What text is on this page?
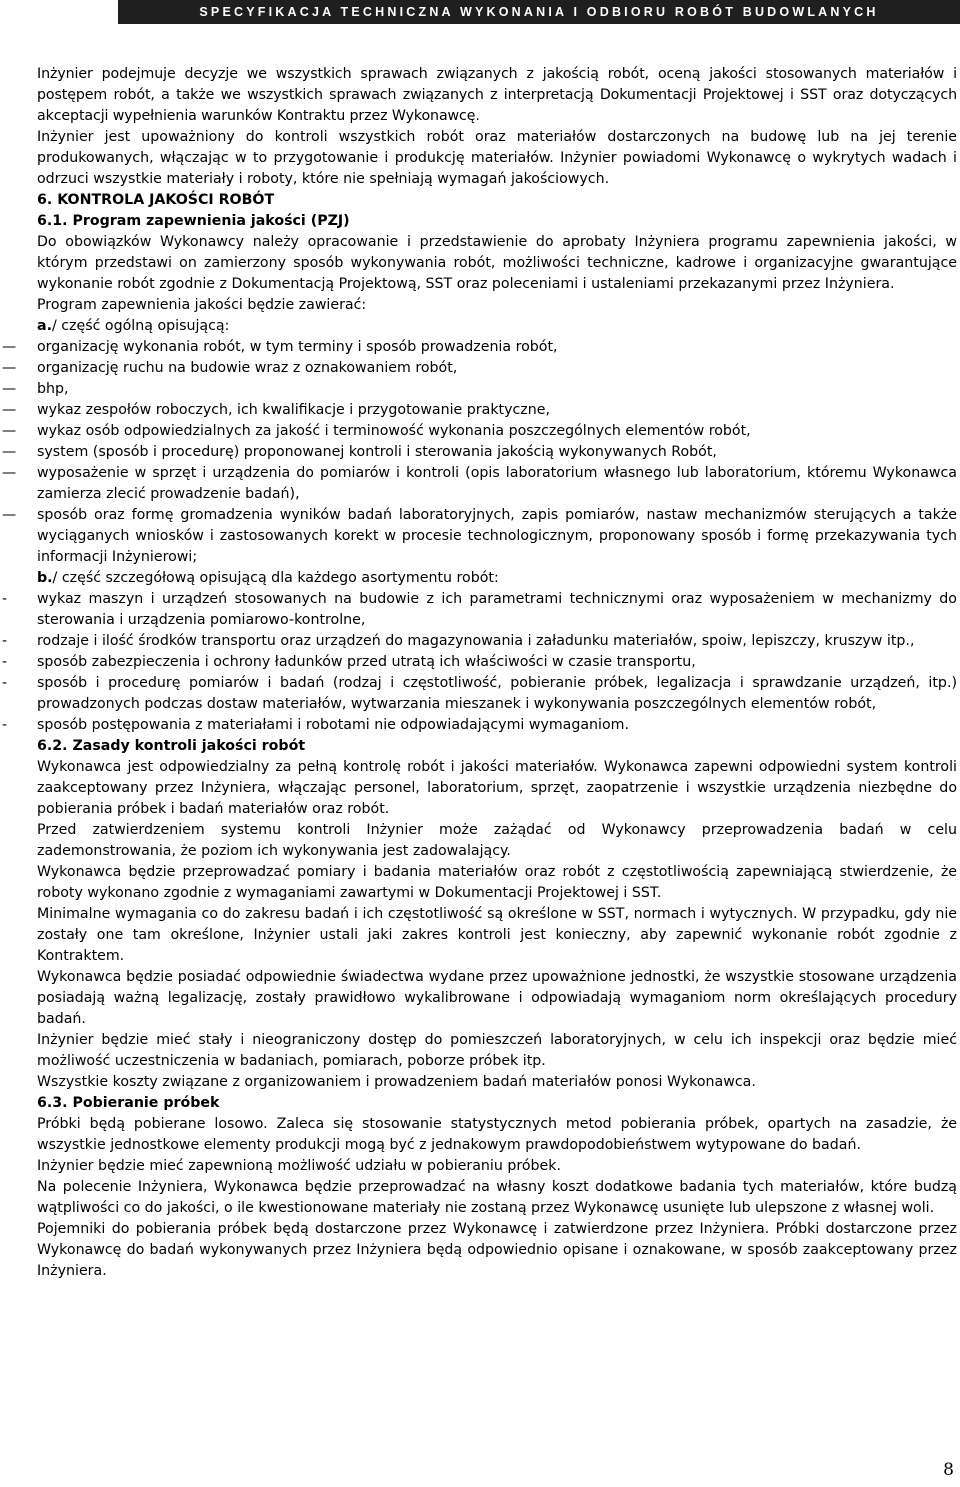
SPECYFIKACJA TECHNICZNA WYKONANIA I ODBIORU ROBÓT BUDOWLANYCH

Inżynier podejmuje decyzje we wszystkich sprawach związanych z jakością robót, oceną jakości stosowanych materiałów i postępem robót, a także we wszystkich sprawach związanych z interpretacją Dokumentacji Projektowej i SST oraz dotyczących akceptacji wypełnienia warunków Kontraktu przez Wykonawcę.

Inżynier jest upoważniony do kontroli wszystkich robót oraz materiałów dostarczonych na budowę lub na jej terenie produkowanych, włączając w to przygotowanie i produkcję materiałów. Inżynier powiadomi Wykonawcę o wykrytych wadach i odrzuci wszystkie materiały i roboty, które nie spełniają wymagań jakościowych.

6. KONTROLA JAKOŚCI ROBÓT

6.1. Program zapewnienia jakości (PZJ)

Do obowiązków Wykonawcy należy opracowanie i przedstawienie do aprobaty Inżyniera programu zapewnienia jakości, w którym przedstawi on zamierzony sposób wykonywania robót, możliwości techniczne, kadrowe i organizacyjne gwarantujące wykonanie robót zgodnie z Dokumentacją Projektową, SST oraz poleceniami i ustaleniami przekazanymi przez Inżyniera.

Program zapewnienia jakości będzie zawierać:

a./ część ogólną opisującą:

— organizację wykonania robót, w tym terminy i sposób prowadzenia robót,

— organizację ruchu na budowie wraz z oznakowaniem robót,

— bhp,

— wykaz zespołów roboczych, ich kwalifikacje i przygotowanie praktyczne,

— wykaz osób odpowiedzialnych za jakość i terminowość wykonania poszczególnych elementów robót,

— system (sposób i procedurę) proponowanej kontroli i sterowania jakością wykonywanych Robót,

— wyposażenie w sprzęt i urządzenia do pomiarów i kontroli (opis laboratorium własnego lub laboratorium, któremu Wykonawca zamierza zlecić prowadzenie badań),

— sposób oraz formę gromadzenia wyników badań laboratoryjnych, zapis pomiarów, nastaw mechanizmów sterujących a także wyciąganych wniosków i zastosowanych korekt w procesie technologicznym, proponowany sposób i formę przekazywania tych informacji Inżynierowi;

b./ część szczegółową opisującą dla każdego asortymentu robót:

- wykaz maszyn i urządzeń stosowanych na budowie z ich parametrami technicznymi oraz wyposażeniem w mechanizmy do sterowania i urządzenia pomiarowo-kontrolne,

- rodzaje i ilość środków transportu oraz urządzeń do magazynowania i załadunku materiałów, spoiw, lepiszczy, kruszyw itp.,

- sposób zabezpieczenia i ochrony ładunków przed utratą ich właściwości w czasie transportu,

- sposób i procedurę pomiarów i badań (rodzaj i częstotliwość, pobieranie próbek, legalizacja i sprawdzanie urządzeń, itp.) prowadzonych podczas dostaw materiałów, wytwarzania mieszanek i wykonywania poszczególnych elementów robót,

- sposób postępowania z materiałami i robotami nie odpowiadającymi wymaganiom.

6.2. Zasady kontroli jakości robót

Wykonawca jest odpowiedzialny za pełną kontrolę robót i jakości materiałów. Wykonawca zapewni odpowiedni system kontroli zaakceptowany przez Inżyniera, włączając personel, laboratorium, sprzęt, zaopatrzenie i wszystkie urządzenia niezbędne do pobierania próbek i badań materiałów oraz robót.

Przed zatwierdzeniem systemu kontroli Inżynier może zażądać od Wykonawcy przeprowadzenia badań w celu zademonstrowania, że poziom ich wykonywania jest zadowalający.

Wykonawca będzie przeprowadzać pomiary i badania materiałów oraz robót z częstotliwością zapewniającą stwierdzenie, że roboty wykonano zgodnie z wymaganiami zawartymi w Dokumentacji Projektowej i SST.

Minimalne wymagania co do zakresu badań i ich częstotliwość są określone w SST, normach i wytycznych. W przypadku, gdy nie zostały one tam określone, Inżynier ustali jaki zakres kontroli jest konieczny, aby zapewnić wykonanie robót zgodnie z Kontraktem.

Wykonawca będzie posiadać odpowiednie świadectwa wydane przez upoważnione jednostki, że wszystkie stosowane urządzenia posiadają ważną legalizację, zostały prawidłowo wykalibrowane i odpowiadają wymaganiom norm określających procedury badań.

Inżynier będzie mieć stały i nieograniczony dostęp do pomieszczeń laboratoryjnych, w celu ich inspekcji oraz będzie mieć możliwość uczestniczenia w badaniach, pomiarach, poborze próbek itp.

Wszystkie koszty związane z organizowaniem i prowadzeniem badań materiałów ponosi Wykonawca.

6.3. Pobieranie próbek

Próbki będą pobierane losowo. Zaleca się stosowanie statystycznych metod pobierania próbek, opartych na zasadzie, że wszystkie jednostkowe elementy produkcji mogą być z jednakowym prawdopodobieństwem wytypowane do badań.

Inżynier będzie mieć zapewnioną możliwość udziału w pobieraniu próbek.

Na polecenie Inżyniera, Wykonawca będzie przeprowadzać na własny koszt dodatkowe badania tych materiałów, które budzą wątpliwości co do jakości, o ile kwestionowane materiały nie zostaną przez Wykonawcę usunięte lub ulepszone z własnej woli.

Pojemniki do pobierania próbek będą dostarczone przez Wykonawcę i zatwierdzone przez Inżyniera. Próbki dostarczone przez Wykonawcę do badań wykonywanych przez Inżyniera będą odpowiednio opisane i oznakowane, w sposób zaakceptowany przez Inżyniera.

8
